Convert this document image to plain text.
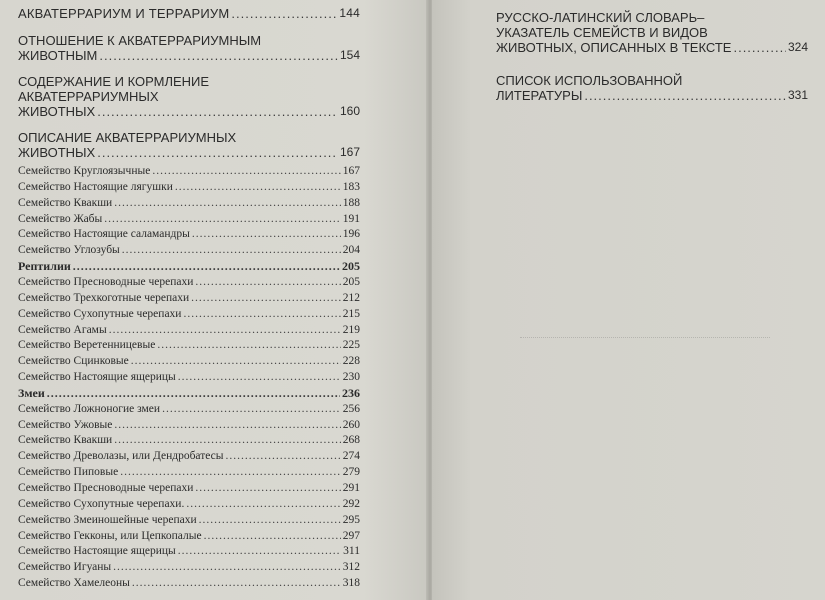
АКВАТЕРРАРИУМ И ТЕРРАРИУМ .....	144
ОТНОШЕНИЕ К АКВАТЕРРАРИУМНЫМ
ЖИВОТНЫМ .....	154
СОДЕРЖАНИЕ И КОРМЛЕНИЕ
АКВАТЕРРАРИУМНЫХ
ЖИВОТНЫХ .....	160
ОПИСАНИЕ АКВАТЕРРАРИУМНЫХ
ЖИВОТНЫХ .....	167
Семейство Круглоязычные .....	167
Семейство Настоящие лягушки .....	183
Семейство Квакши .....	188
Семейство Жабы .....	191
Семейство Настоящие саламандры .....	196
Семейство Углозубы .....	204
Рептилии .....	205
Семейство Пресноводные черепахи .....	205
Семейство Трехкоготные черепахи .....	212
Семейство Сухопутные черепахи .....	215
Семейство Агамы .....	219
Семейство Веретенницевые .....	225
Семейство Сцинковые .....	228
Семейство Настоящие ящерицы .....	230
Змеи .....	236
Семейство Ложноногие змеи .....	256
Семейство Ужовые .....	260
Семейство Квакши .....	268
Семейство Древолазы, или Дендробатесы .....	274
Семейство Пиповые .....	279
Семейство Пресноводные черепахи .....	291
Семейство Сухопутные черепахи. .....	292
Семейство Змеиношейные черепахи .....	295
Семейство Гекконы, или Цепкопалые .....	297
Семейство Настоящие ящерицы .....	311
Семейство Игуаны .....	312
Семейство Хамелеоны .....	318
РУССКО-ЛАТИНСКИЙ СЛОВАРЬ–
УКАЗАТЕЛЬ СЕМЕЙСТВ И ВИДОВ
ЖИВОТНЫХ, ОПИСАННЫХ В ТЕКСТЕ .....	324
СПИСОК ИСПОЛЬЗОВАННОЙ
ЛИТЕРАТУРЫ .....	331
